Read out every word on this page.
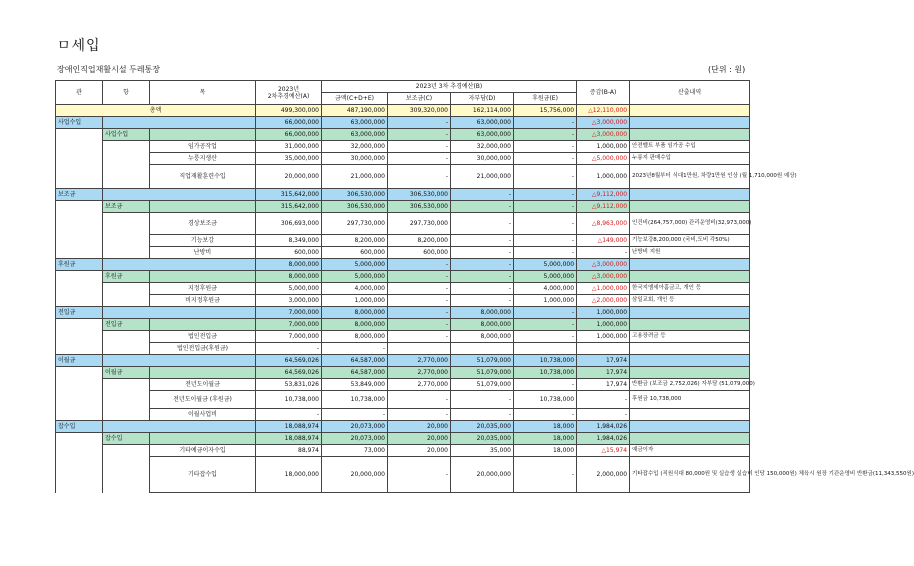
ㅁ세입
장애인직업재활시설 두레통장	(단위 : 원)
관	항	목	2023년
2차추경예산(A)	2023년 3차 추경예산(B)				증감(B-A)	산출내역
				금액(C+D+E)	보조금(C)	자부담(D)	후원금(E)		
총액			499,300,000	487,190,000	309,320,000	162,114,000	15,756,000	△12,110,000	
사업수입			66,000,000	63,000,000	-	63,000,000	-	△3,000,000	
	사업수입		66,000,000	63,000,000	-	63,000,000	-	△3,000,000	
		임가공작업	31,000,000	32,000,000	-	32,000,000	-	1,000,000	안전벨트 부품 임가공 수입
		누룽지생산	35,000,000	30,000,000	-	30,000,000	-	△5,000,000	누룽지 판매수입
		직업재활훈련수입	20,000,000	21,000,000	-	21,000,000	-	1,000,000	2023년8월부터 식대1만원, 차량1만원 인상 (월 1,710,000원 예상)
보조금			315,642,000	306,530,000	306,530,000	-	-	△9,112,000	
	보조금		315,642,000	306,530,000	306,530,000	-	-	△9,112,000	
		경상보조금	306,693,000	297,730,000	297,730,000	-	-	△8,963,000	인건비(264,757,000) 관리운영비(32,973,000)
		기능보강	8,349,000	8,200,000	8,200,000	-	-	△149,000	기능보강8,200,000 (국비,도비 각50%)
		난방비	600,000	600,000	600,000	-	-	-	난방비 지원
후원금			8,000,000	5,000,000	-	-	5,000,000	△3,000,000	
	후원금		8,000,000	5,000,000	-	-	5,000,000	△3,000,000	
		지정후원금	5,000,000	4,000,000	-	-	4,000,000	△1,000,000	한국지엠세아홈금고, 개인 등
		비지정후원금	3,000,000	1,000,000	-	-	1,000,000	△2,000,000	삼일교회, 개인 등
전입금			7,000,000	8,000,000	-	8,000,000	-	1,000,000	
	전입금		7,000,000	8,000,000	-	8,000,000	-	1,000,000	
		법인전입금	7,000,000	8,000,000	-	8,000,000	-	1,000,000	고용장려금 등
		법인전입금(후원금)	-	-					
이월금			64,569,026	64,587,000	2,770,000	51,079,000	10,738,000	17,974	
	이월금		64,569,026	64,587,000	2,770,000	51,079,000	10,738,000	17,974	
		전년도이월금	53,831,026	53,849,000	2,770,000	51,079,000	-	17,974	반환금 (보조금 2,752,026) 자부담 (51,079,000)
		전년도이월금 (후원금)	10,738,000	10,738,000	-	-	10,738,000	-	후원금 10,738,000
		이월사업비	-	-	-	-	-	-	
잡수입			18,088,974	20,073,000	20,000	20,035,000	18,000	1,984,026	
	잡수입		18,088,974	20,073,000	20,000	20,035,000	18,000	1,984,026	
		기타예금이자수입	88,974	73,000	20,000	35,000	18,000	△15,974	예금이자
		기타잡수입	18,000,000	20,000,000	-	20,000,000	-	2,000,000	기타잡수입 (직원식대 80,000원 및 실습생 실습비 인당 150,000원) 체육시 원장 기관운영비 반환금(11,343,550원)
